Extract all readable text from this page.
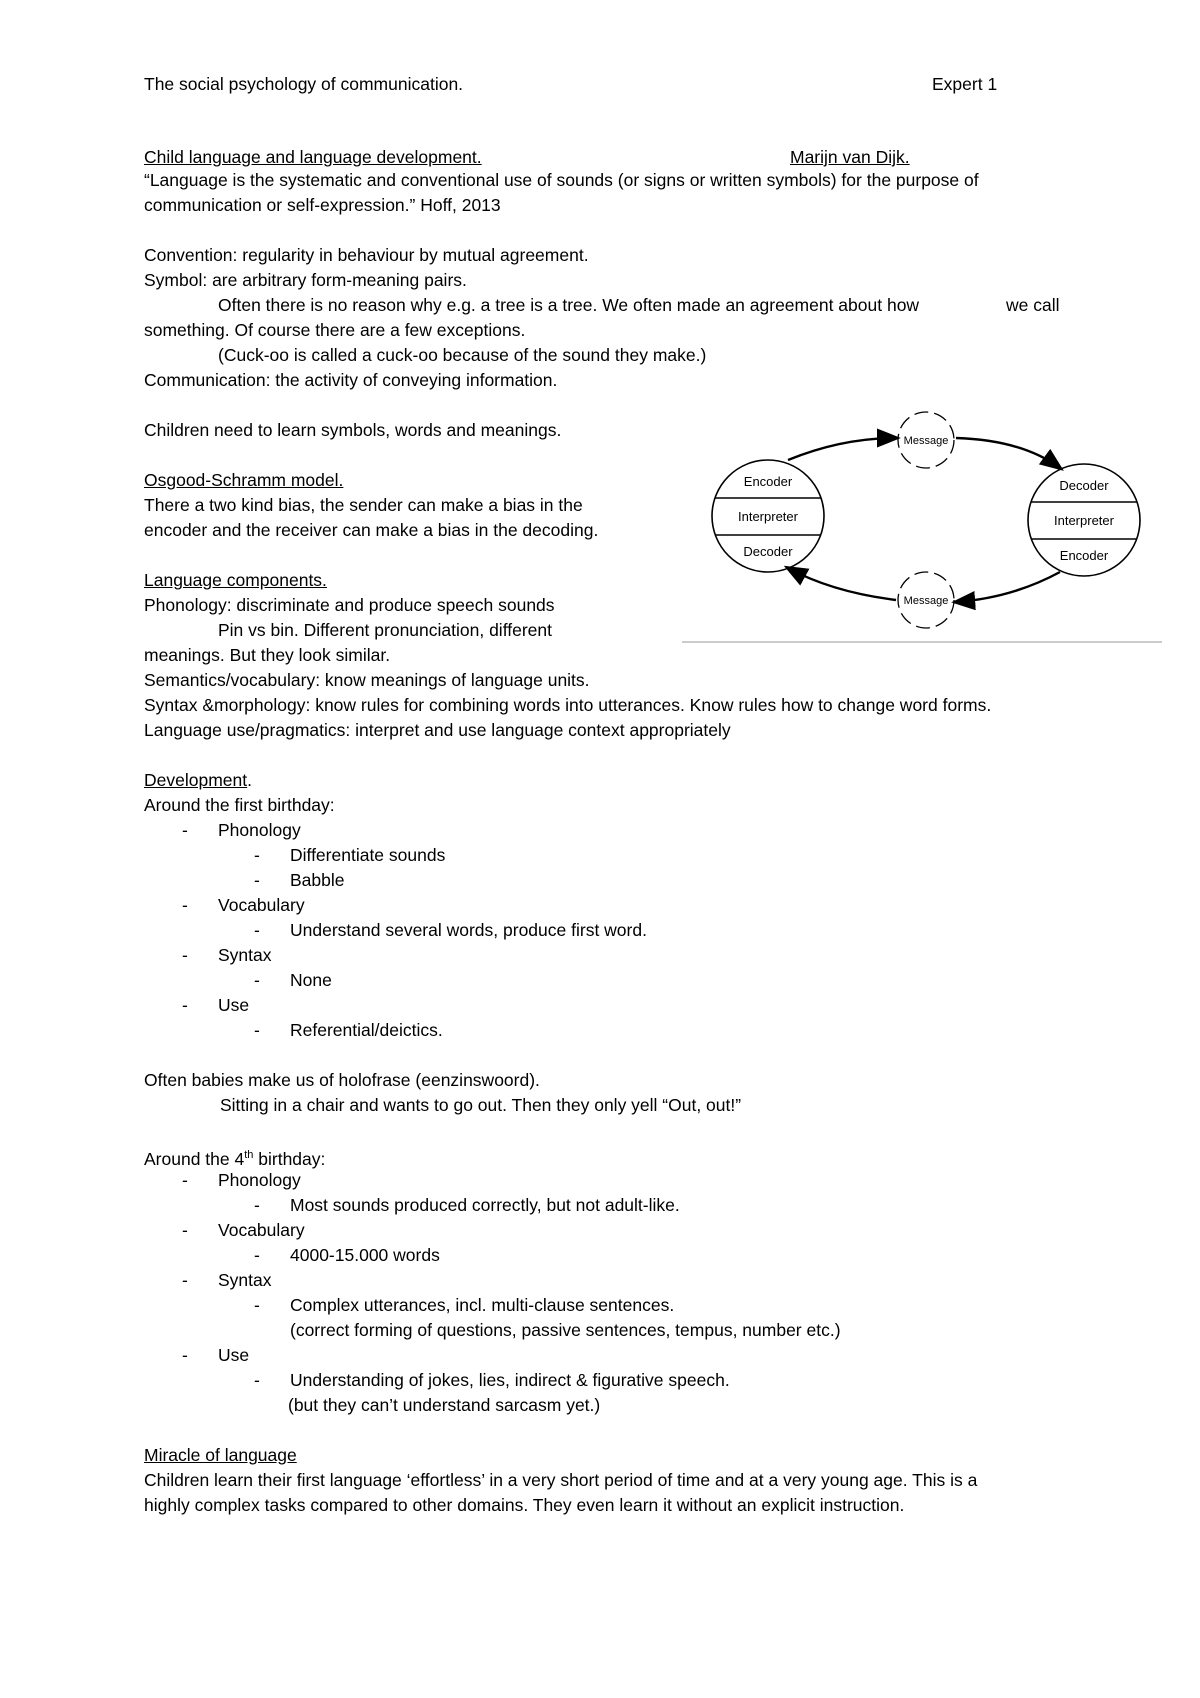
The social psychology of communication.	Expert 1
Child language and language development.	Marijn van Dijk.
“Language is the systematic and conventional use of sounds (or signs or written symbols) for the purpose of
communication or self-expression.” Hoff, 2013
Convention: regularity in behaviour by mutual agreement.
Symbol: are arbitrary form-meaning pairs.
Often there is no reason why e.g. a tree is a tree. We often made an agreement about how	we call
something. Of course there are a few exceptions.
(Cuck-oo is called a cuck-oo because of the sound they make.)
Communication: the activity of conveying information.
Children need to learn symbols, words and meanings.
Osgood-Schramm model.
There a two kind bias, the sender can make a bias in the
encoder and the receiver can make a bias in the decoding.
Encoder
Interpreter
Decoder
Decoder
Interpreter
Encoder
Message
Message
Language components.
Phonology: discriminate and produce speech sounds
Pin vs bin. Different pronunciation, different
meanings. But they look similar.
Semantics/vocabulary: know meanings of language units.
Syntax &morphology: know rules for combining words into utterances. Know rules how to change word forms.
Language use/pragmatics: interpret and use language context appropriately
Development.
Around the first birthday:
- Phonology
- Differentiate sounds
- Babble
- Vocabulary
- Understand several words, produce first word.
- Syntax
- None
- Use
- Referential/deictics.
Often babies make us of holofrase (eenzinswoord).
Sitting in a chair and wants to go out. Then they only yell “Out, out!”
Around the 4th birthday:
- Phonology
- Most sounds produced correctly, but not adult-like.
- Vocabulary
- 4000-15.000 words
- Syntax
- Complex utterances, incl. multi-clause sentences.
(correct forming of questions, passive sentences, tempus, number etc.)
- Use
- Understanding of jokes, lies, indirect & figurative speech.
(but they can’t understand sarcasm yet.)
Miracle of language
Children learn their first language ‘effortless’ in a very short period of time and at a very young age. This is a
highly complex tasks compared to other domains. They even learn it without an explicit instruction.
